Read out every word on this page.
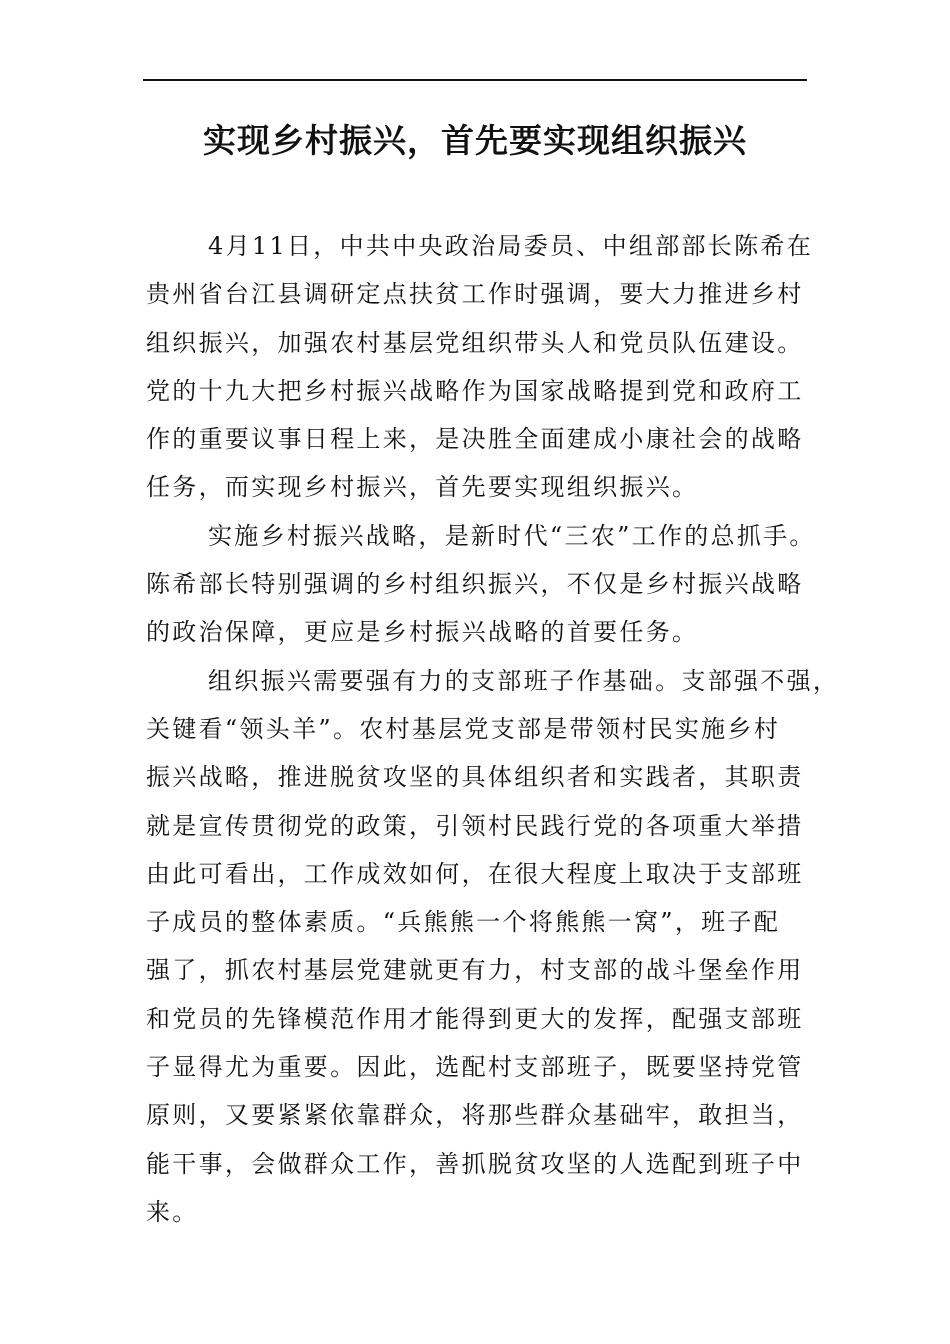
实现乡村振兴，首先要实现组织振兴
4月11日，中共中央政治局委员、中组部部长陈希在
贵州省台江县调研定点扶贫工作时强调，要大力推进乡村
组织振兴，加强农村基层党组织带头人和党员队伍建设。
党的十九大把乡村振兴战略作为国家战略提到党和政府工
作的重要议事日程上来，是决胜全面建成小康社会的战略
任务，而实现乡村振兴，首先要实现组织振兴。
实施乡村振兴战略，是新时代“三农”工作的总抓手。
陈希部长特别强调的乡村组织振兴，不仅是乡村振兴战略
的政治保障，更应是乡村振兴战略的首要任务。
组织振兴需要强有力的支部班子作基础。支部强不强，
关键看“领头羊”。农村基层党支部是带领村民实施乡村
振兴战略，推进脱贫攻坚的具体组织者和实践者，其职责
就是宣传贯彻党的政策，引领村民践行党的各项重大举措
由此可看出，工作成效如何，在很大程度上取决于支部班
子成员的整体素质。“兵熊熊一个将熊熊一窝”，班子配
强了，抓农村基层党建就更有力，村支部的战斗堡垒作用
和党员的先锋模范作用才能得到更大的发挥，配强支部班
子显得尤为重要。因此，选配村支部班子，既要坚持党管
原则，又要紧紧依靠群众，将那些群众基础牢，敢担当，
能干事，会做群众工作，善抓脱贫攻坚的人选配到班子中
来。
